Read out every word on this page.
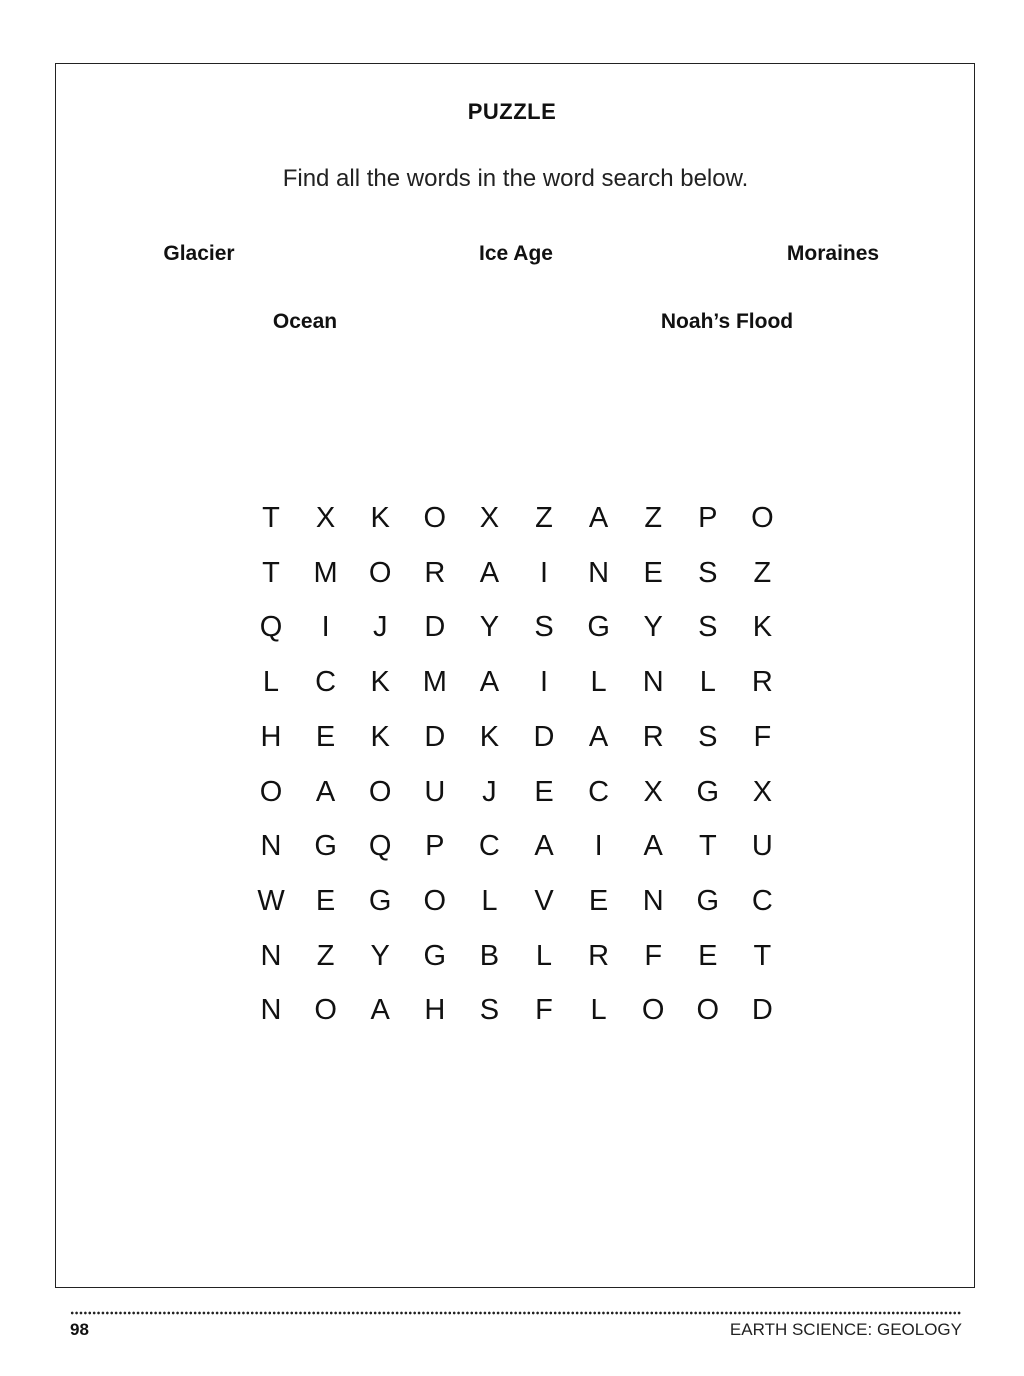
PUZZLE
Find all the words in the word search below.
Glacier	Ice Age	Moraines
Ocean	Noah’s Flood
T	X	K	O	X	Z	A	Z	P	O
T	M	O	R	A	I	N	E	S	Z
Q	I	J	D	Y	S	G	Y	S	K
L	C	K	M	A	I	L	N	L	R
H	E	K	D	K	D	A	R	S	F
O	A	O	U	J	E	C	X	G	X
N	G	Q	P	C	A	I	A	T	U
W	E	G	O	L	V	E	N	G	C
N	Z	Y	G	B	L	R	F	E	T
N	O	A	H	S	F	L	O	O	D
98	EARTH SCIENCE: GEOLOGY
